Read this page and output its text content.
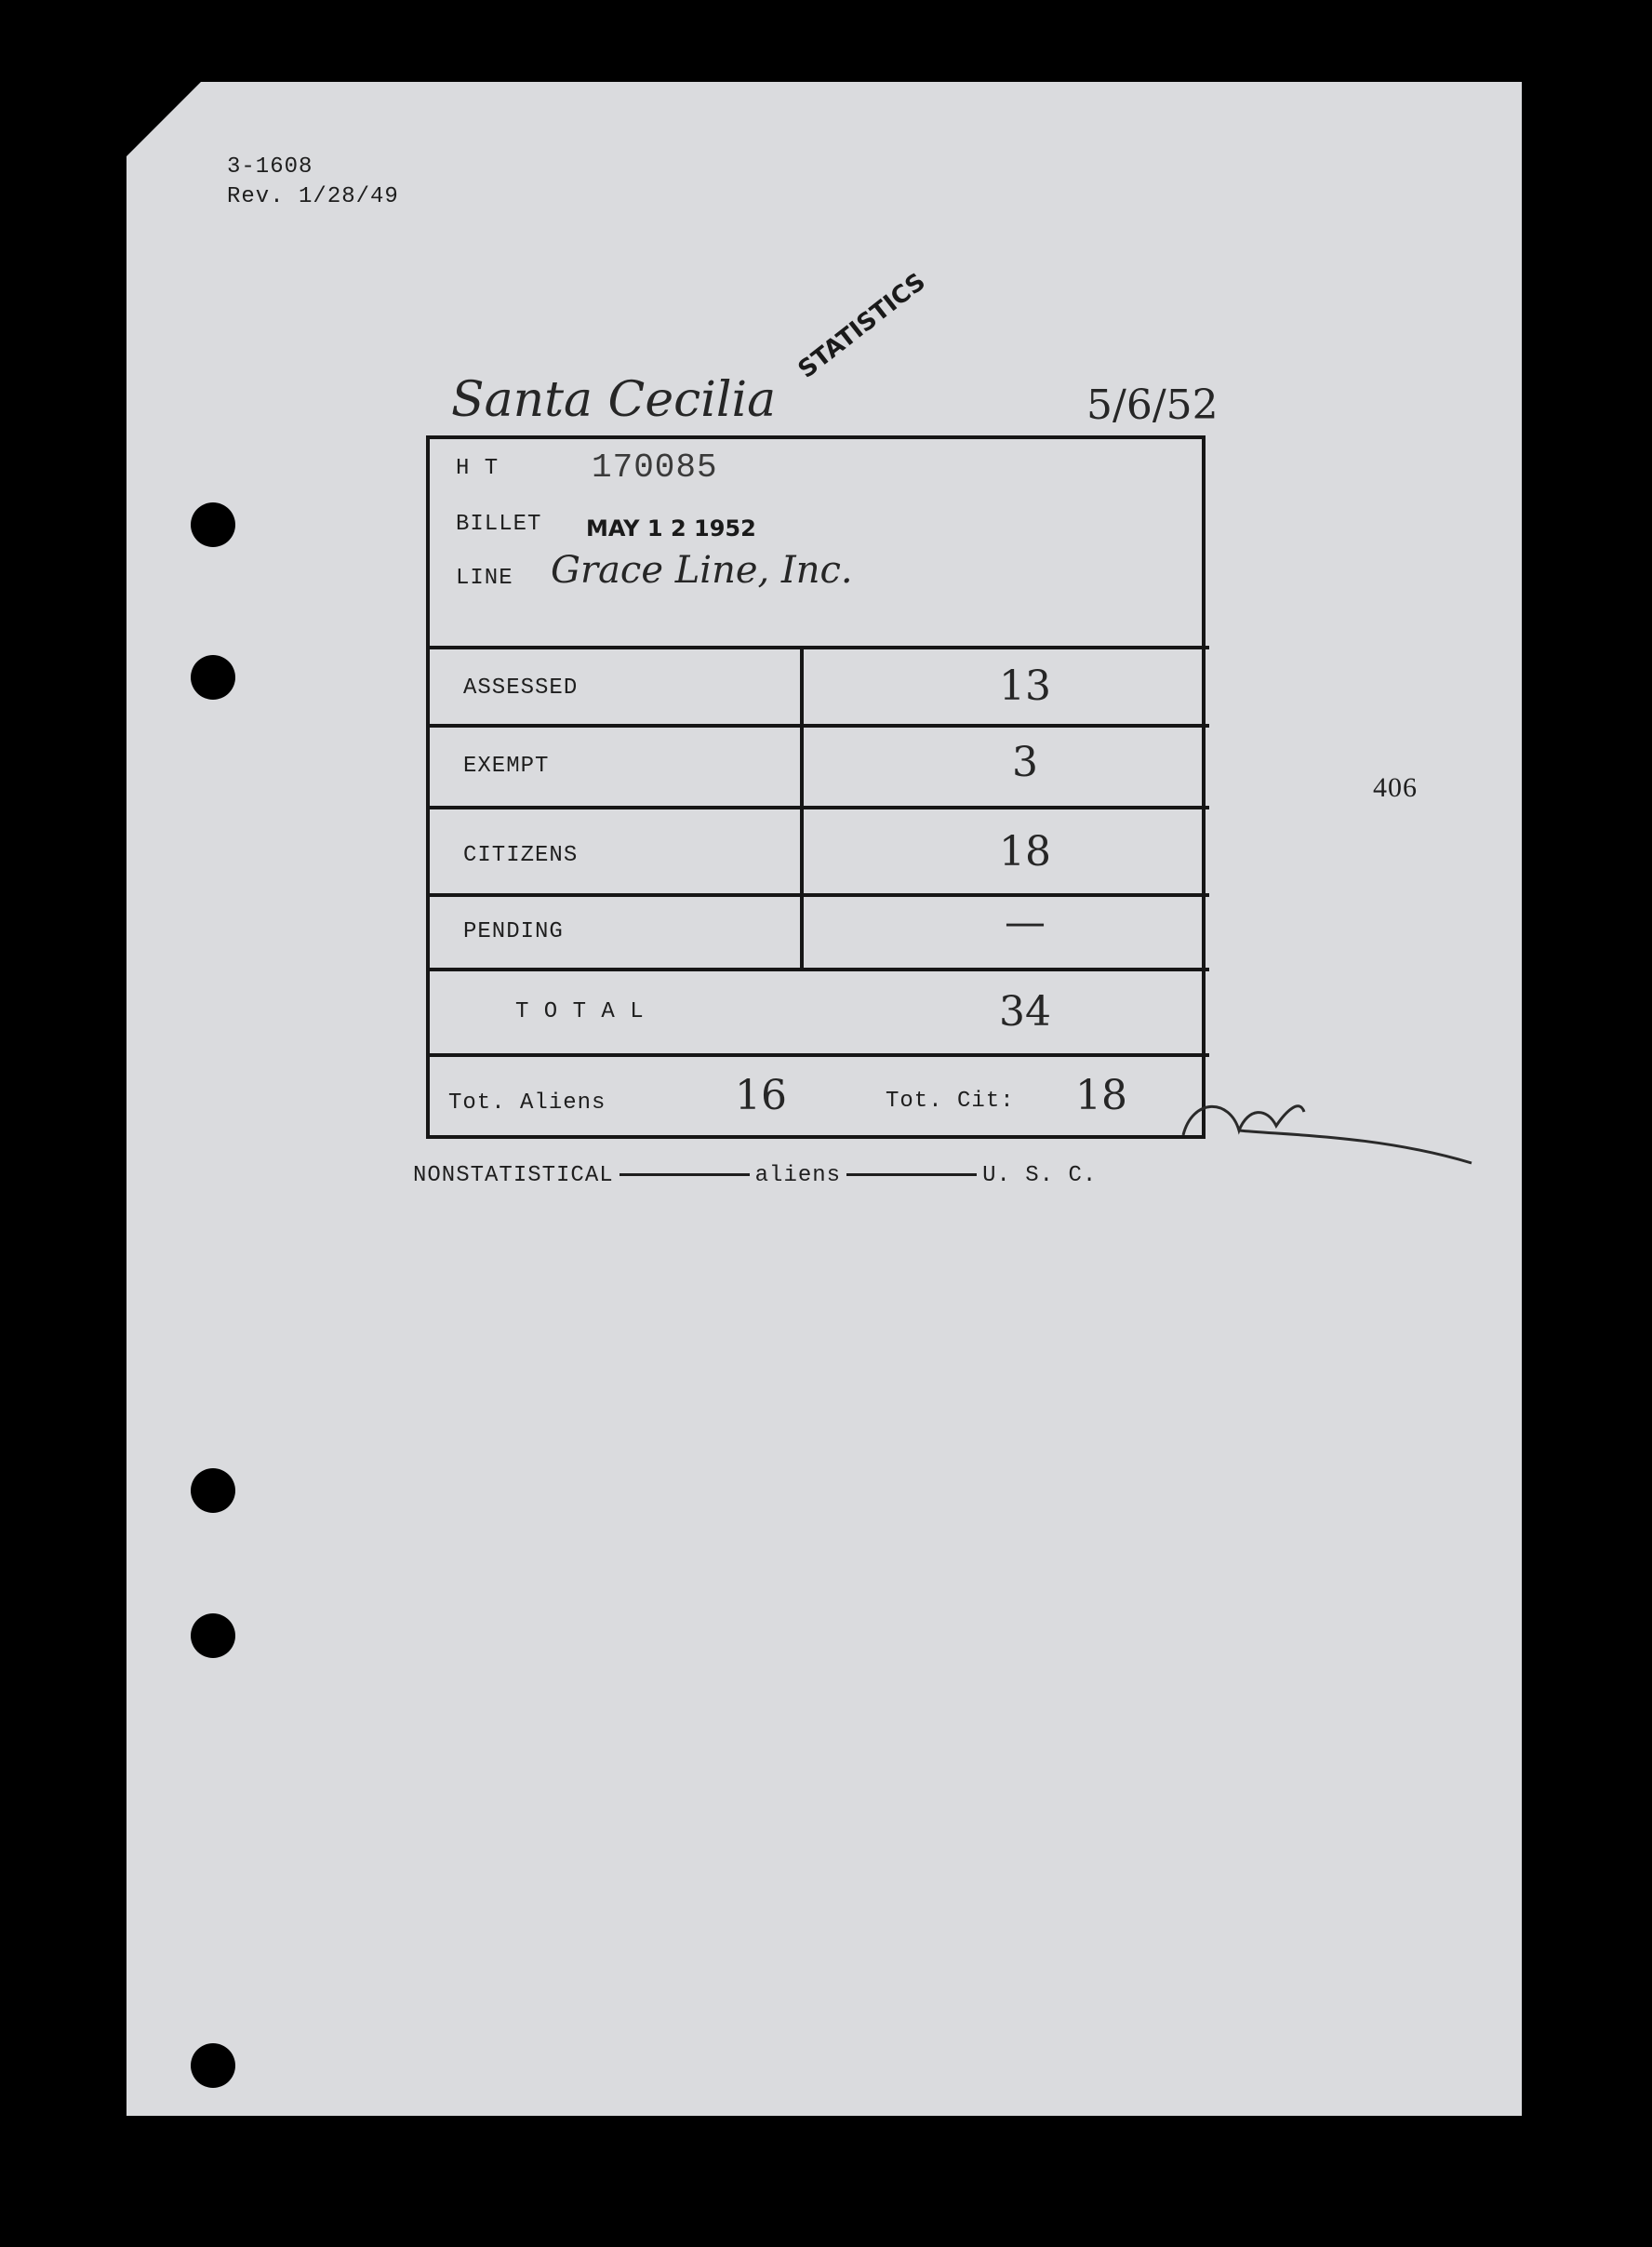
3-1608
Rev. 1/28/49
Santa Cecilia
STATISTICS
5/6/52
H T	170085
BILLET MAY 1 2 1952
LINE Grace Line, Inc.
ASSESSED	13
EXEMPT	3
CITIZENS	18
PENDING	—
T O T A L	34
Tot. Aliens	16	Tot. Cit: 18
NONSTATISTICAL	aliens	U. S. C.
406
